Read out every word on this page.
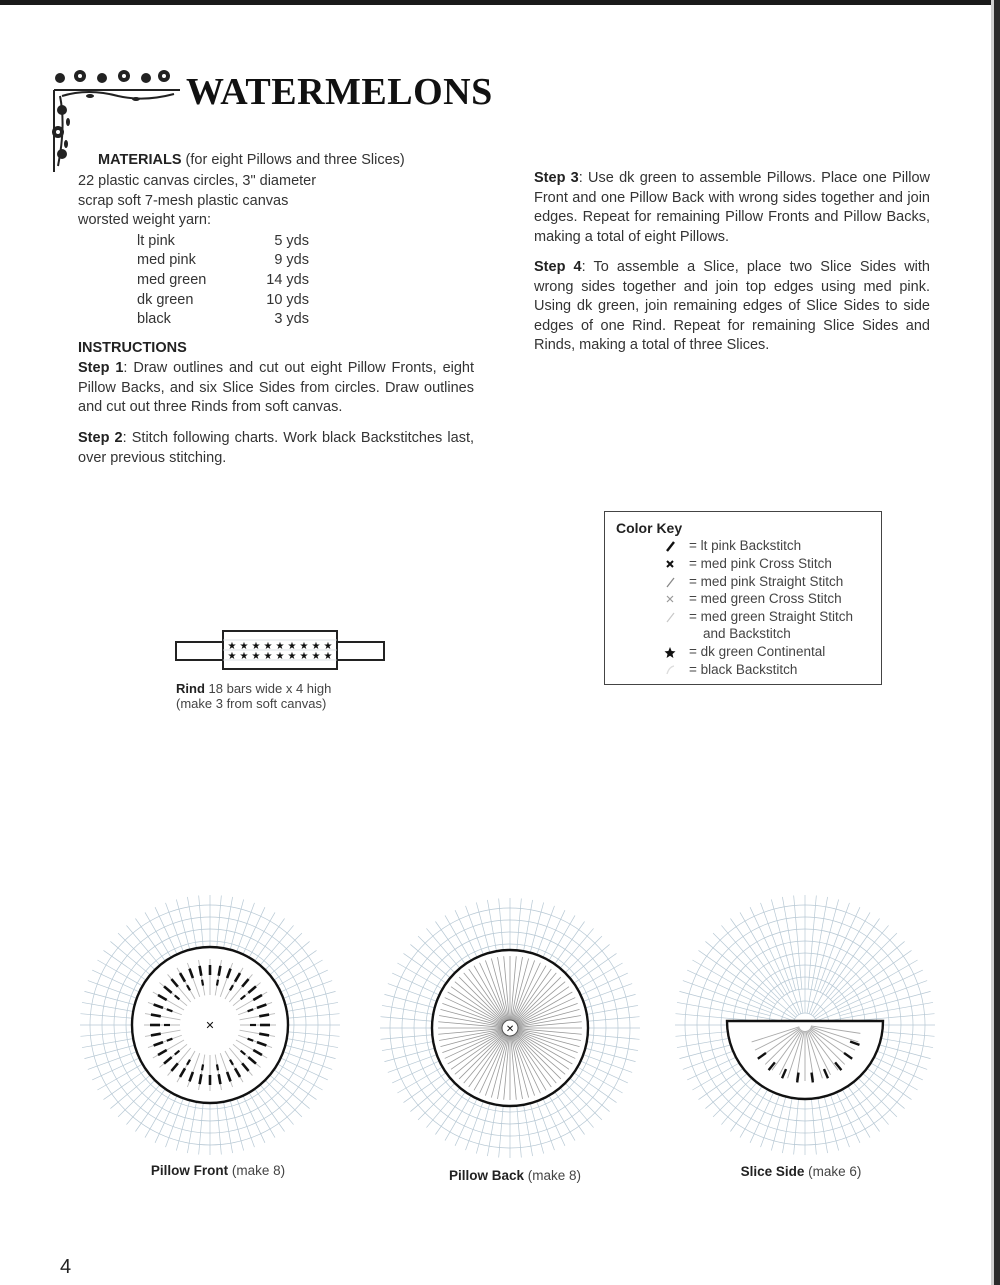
WATERMELONS
MATERIALS (for eight Pillows and three Slices)
22 plastic canvas circles, 3" diameter
scrap soft 7-mesh plastic canvas
worsted weight yarn:
lt pink	5 yds
med pink	9 yds
med green	14 yds
dk green	10 yds
black	3 yds
INSTRUCTIONS
Step 1: Draw outlines and cut out eight Pillow Fronts, eight Pillow Backs, and six Slice Sides from circles. Draw outlines and cut out three Rinds from soft canvas.
Step 2: Stitch following charts. Work black Backstitches last, over previous stitching.
Step 3: Use dk green to assemble Pillows. Place one Pillow Front and one Pillow Back with wrong sides together and join edges. Repeat for remaining Pillow Fronts and Pillow Backs, making a total of eight Pillows.
Step 4: To assemble a Slice, place two Slice Sides with wrong sides together and join top edges using med pink. Using dk green, join remaining edges of Slice Sides to side edges of one Rind. Repeat for remaining Slice Sides and Rinds, making a total of three Slices.
Color Key
= lt pink Backstitch
= med pink Cross Stitch
= med pink Straight Stitch
= med green Cross Stitch
= med green Straight Stitch
and Backstitch
= dk green Continental
= black Backstitch
★ ★ ★ ★ ★ ★ ★ ★ ★
★ ★ ★ ★ ★ ★ ★ ★ ★
Rind 18 bars wide x 4 high
(make 3 from soft canvas)
✕	✕
Pillow Front (make 8)	Pillow Back (make 8)	Slice Side (make 6)
4
